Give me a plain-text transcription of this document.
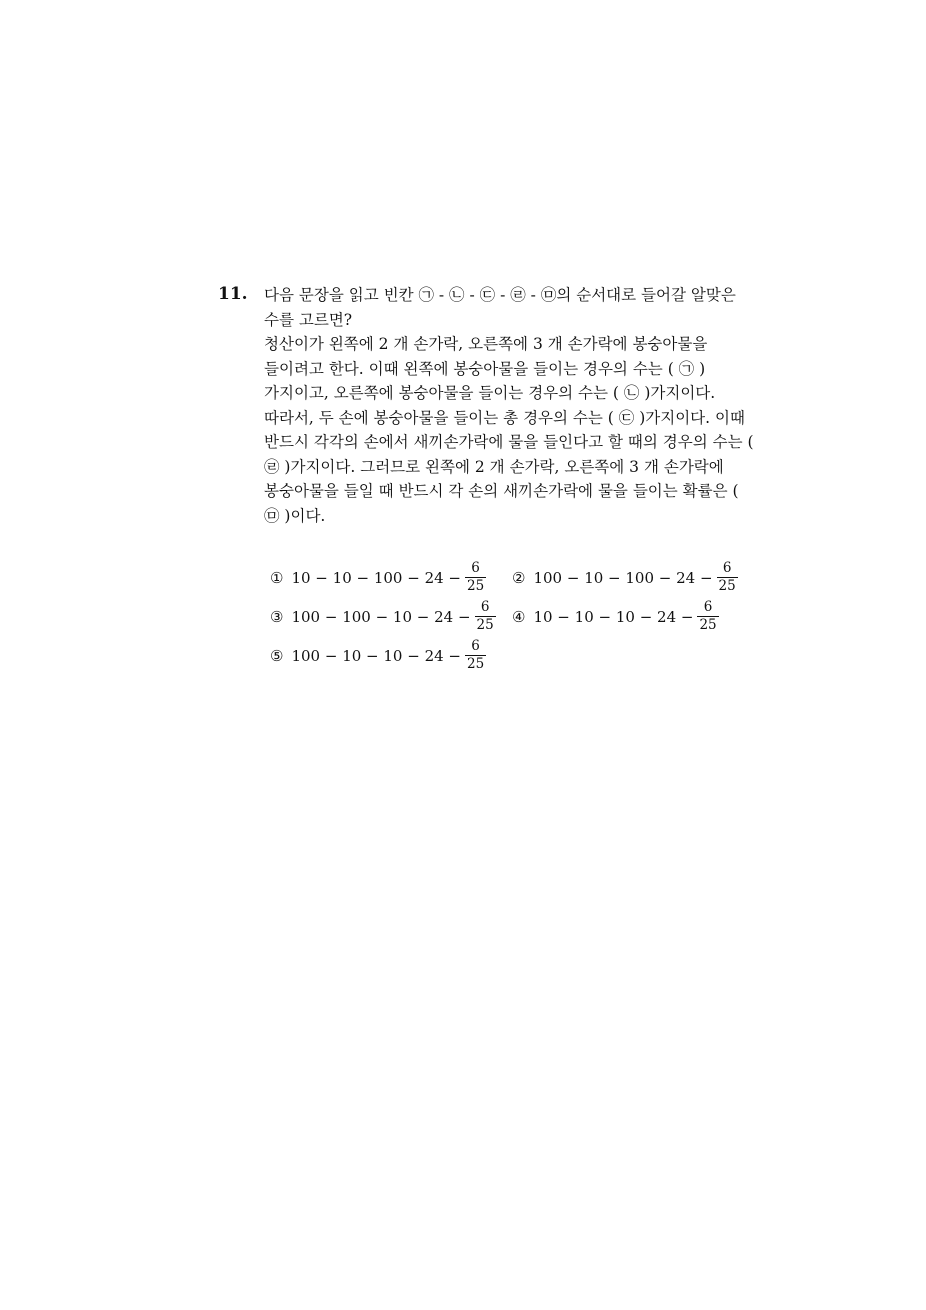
11. 다음 문장을 읽고 빈칸 ㉠ - ㉡ - ㉢ - ㉣ - ㉤의 순서대로 들어갈 알맞은

수를 고르면?

청산이가 왼쪽에 2 개 손가락, 오른쪽에 3 개 손가락에 봉숭아물을

들이려고 한다. 이때 왼쪽에 봉숭아물을 들이는 경우의 수는 ( ㉠ )

가지이고, 오른쪽에 봉숭아물을 들이는 경우의 수는 ( ㉡ )가지이다.

따라서, 두 손에 봉숭아물을 들이는 총 경우의 수는 ( ㉢ )가지이다. 이때

반드시 각각의 손에서 새끼손가락에 물을 들인다고 할 때의 경우의 수는 (

㉣ )가지이다. 그러므로 왼쪽에 2 개 손가락, 오른쪽에 3 개 손가락에

봉숭아물을 들일 때 반드시 각 손의 새끼손가락에 물을 들이는 확률은 (

㉤ )이다.

① $10 - 10 - 100 - 24 - \frac{6}{25}$ ② $100 - 10 - 100 - 24 - \frac{6}{25}$
③ $100 - 100 - 10 - 24 - \frac{6}{25}$ ④ $10 - 10 - 10 - 24 - \frac{6}{25}$
⑤ $100 - 10 - 10 - 24 - \frac{6}{25}$
